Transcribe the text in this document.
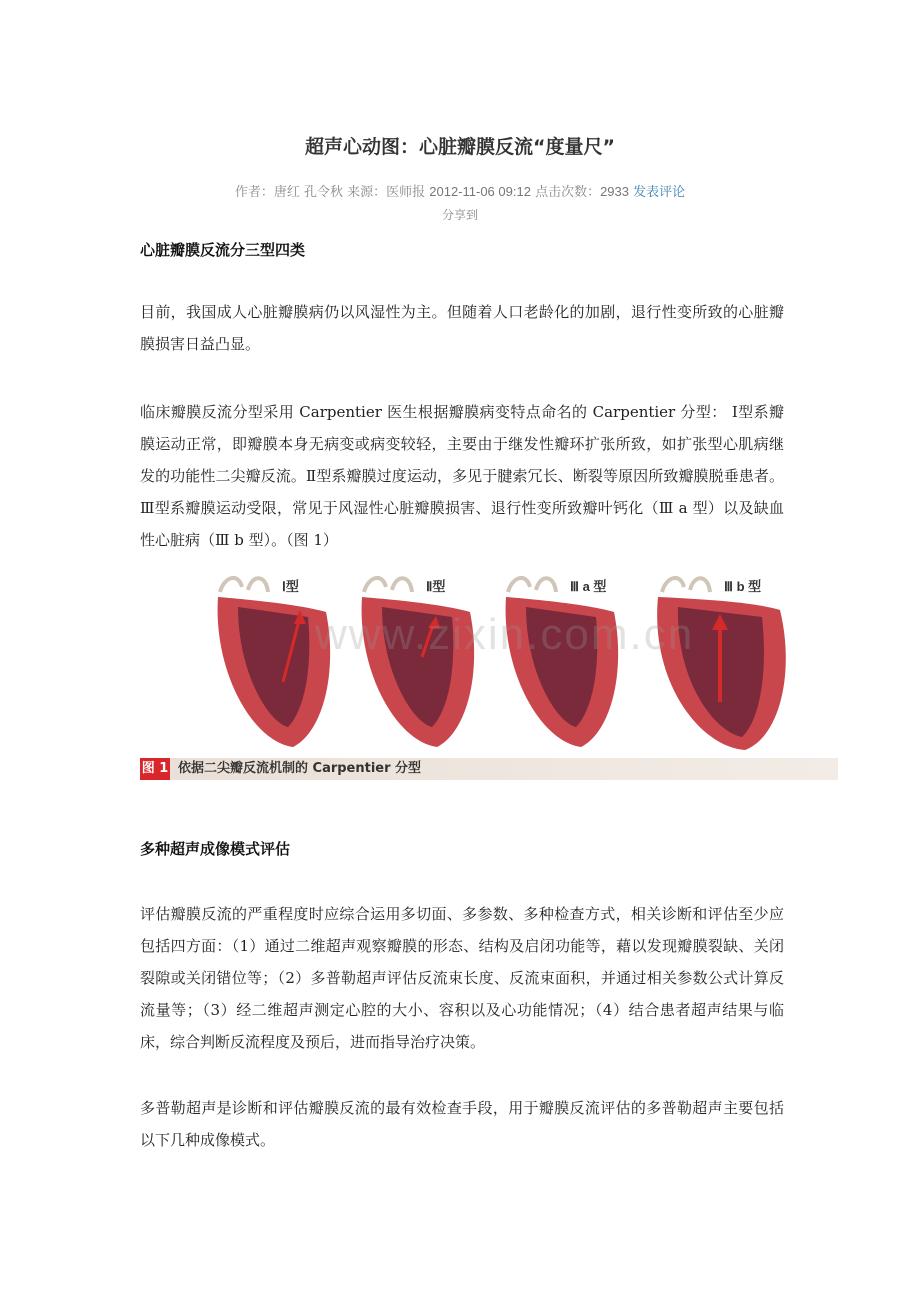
超声心动图：心脏瓣膜反流“度量尺”
作者：唐红 孔令秋 来源：医师报 2012-11-06 09:12 点击次数：2933 发表评论
分享到
心脏瓣膜反流分三型四类
目前，我国成人心脏瓣膜病仍以风湿性为主。但随着人口老龄化的加剧，退行性变所致的心脏瓣膜损害日益凸显。
临床瓣膜反流分型采用 Carpentier 医生根据瓣膜病变特点命名的 Carpentier 分型： Ⅰ型系瓣膜运动正常，即瓣膜本身无病变或病变较轻，主要由于继发性瓣环扩张所致，如扩张型心肌病继发的功能性二尖瓣反流。Ⅱ型系瓣膜过度运动，多见于腱索冗长、断裂等原因所致瓣膜脱垂患者。Ⅲ型系瓣膜运动受限，常见于风湿性心脏瓣膜损害、退行性变所致瓣叶钙化（Ⅲ a 型）以及缺血性心脏病（Ⅲ b 型）。（图 1）
Ⅰ型	Ⅱ型	Ⅲ a 型	Ⅲ b 型
www.zixin.com.cn
图 1 依据二尖瓣反流机制的 Carpentier 分型
多种超声成像模式评估
评估瓣膜反流的严重程度时应综合运用多切面、多参数、多种检查方式，相关诊断和评估至少应包括四方面：（1）通过二维超声观察瓣膜的形态、结构及启闭功能等，藉以发现瓣膜裂缺、关闭裂隙或关闭错位等；（2）多普勒超声评估反流束长度、反流束面积，并通过相关参数公式计算反流量等；（3）经二维超声测定心腔的大小、容积以及心功能情况；（4）结合患者超声结果与临床，综合判断反流程度及预后，进而指导治疗决策。
多普勒超声是诊断和评估瓣膜反流的最有效检查手段，用于瓣膜反流评估的多普勒超声主要包括以下几种成像模式。
